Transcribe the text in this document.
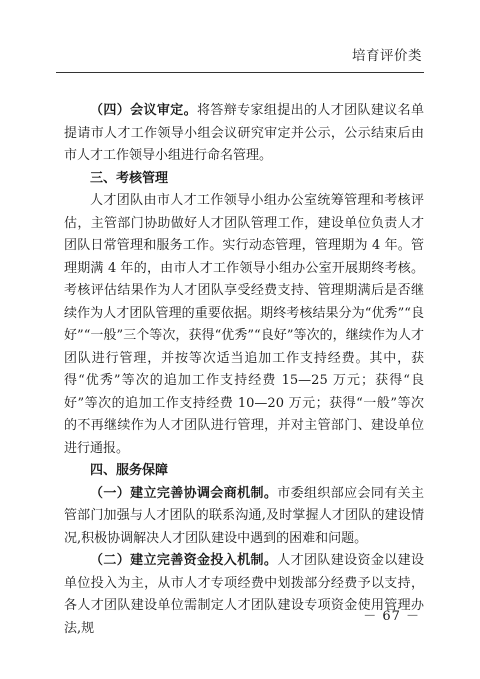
培育评价类

（四）会议审定。将答辩专家组提出的人才团队建议名单提请市人才工作领导小组会议研究审定并公示，公示结束后由市人才工作领导小组进行命名管理。

三、考核管理

人才团队由市人才工作领导小组办公室统筹管理和考核评估，主管部门协助做好人才团队管理工作，建设单位负责人才团队日常管理和服务工作。实行动态管理，管理期为 4 年。管理期满 4 年的，由市人才工作领导小组办公室开展期终考核。考核评估结果作为人才团队享受经费支持、管理期满后是否继续作为人才团队管理的重要依据。期终考核结果分为“优秀”“良好”“一般”三个等次，获得“优秀”“良好”等次的，继续作为人才团队进行管理，并按等次适当追加工作支持经费。其中，获得“优秀”等次的追加工作支持经费 15—25 万元；获得“良好”等次的追加工作支持经费 10—20 万元；获得“一般”等次的不再继续作为人才团队进行管理，并对主管部门、建设单位进行通报。

四、服务保障

（一）建立完善协调会商机制。市委组织部应会同有关主管部门加强与人才团队的联系沟通,及时掌握人才团队的建设情况,积极协调解决人才团队建设中遇到的困难和问题。

（二）建立完善资金投入机制。人才团队建设资金以建设单位投入为主，从市人才专项经费中划拨部分经费予以支持，各人才团队建设单位需制定人才团队建设专项资金使用管理办法,规

－ 67 －
